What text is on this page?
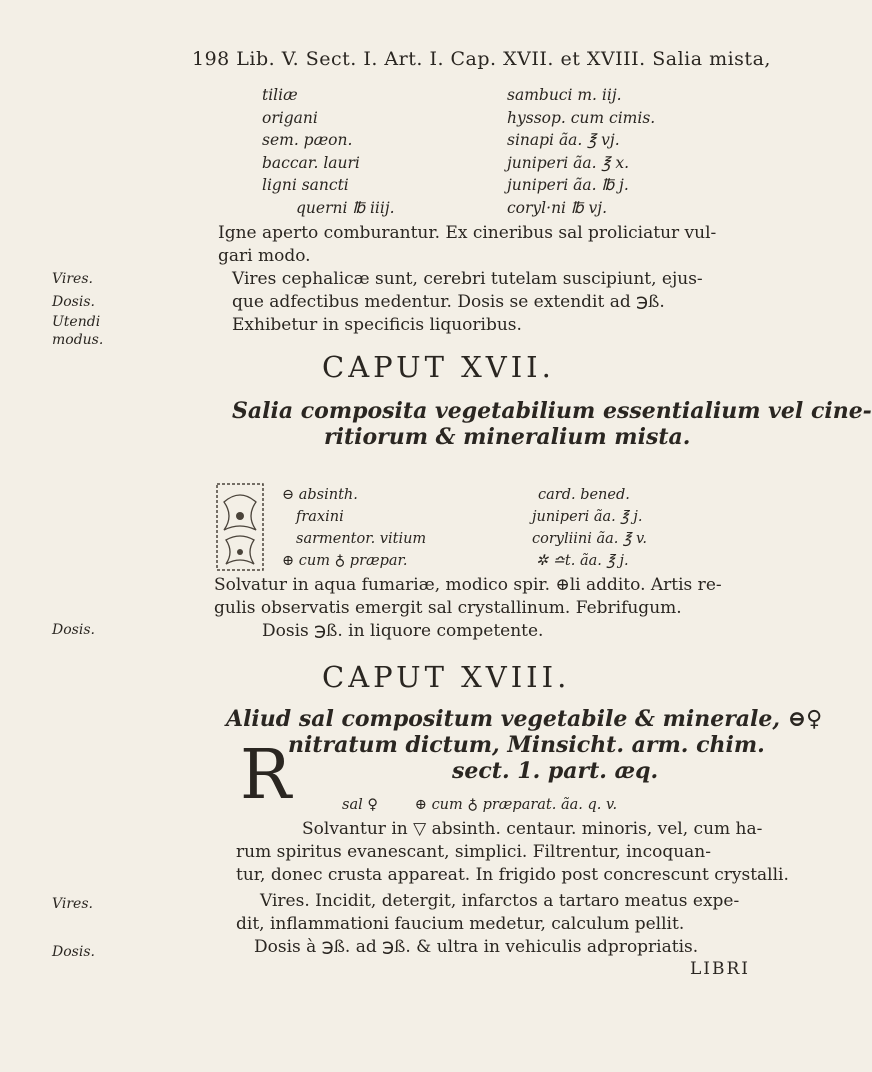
198 Lib. V. Sect. I. Art. I. Cap. XVII. et XVIII. Salia mista,
tiliæ
origani
sem. pæon.
baccar. lauri
ligni sancti
querni ℔ iiij.
sambuci m. iij.
hyssop. cum cimis.
sinapi ãa. ℥ vj.
juniperi ãa. ℥ x.
juniperi ãa. ℔ j.
coryl·ni ℔ vj.
Igne aperto comburantur. Ex cineribus sal proliciatur vul-
gari modo.
Vires.
Dosis.
Utendi
modus.
Vires cephalicæ sunt, cerebri tutelam suscipiunt, ejus-
que adfectibus medentur. Dosis se extendit ad ℈ß.
Exhibetur in specificis liquoribus.
CAPUT XVII.
Salia composita vegetabilium essentialium vel cine-
ritiorum & mineralium mista.
⊖ absinth.
fraxini
sarmentor. vitium
⊕ cum ♁ præpar.
card. bened.
juniperi ãa. ℥ j.
coryliini ãa. ℥ v.
✲ ≏t. ãa. ℥ j.
Solvatur in aqua fumariæ, modico spir. ⊕li addito. Artis re-
gulis observatis emergit sal crystallinum. Febrifugum.
Dosis.	Dosis ℈ß. in liquore competente.
CAPUT XVIII.
Aliud sal compositum vegetabile & minerale, ⊖♀
nitratum dictum, Minsicht. arm. chim.
sect. 1. part. æq.
R	sal ♀        ⊕ cum ♁ præparat. ãa. q. v.
Solvantur in ▽ absinth. centaur. minoris, vel, cum ha-
rum spiritus evanescant, simplici. Filtrentur, incoquan-
tur, donec crusta appareat. In frigido post concrescunt crystalli.
Vires.
Dosis.
Vires. Incidit, detergit, infarctos a tartaro meatus expe-
dit, inflammationi faucium medetur, calculum pellit.
Dosis à ℈ß. ad ℈ß. & ultra in vehiculis adpropriatis.
LIBRI
